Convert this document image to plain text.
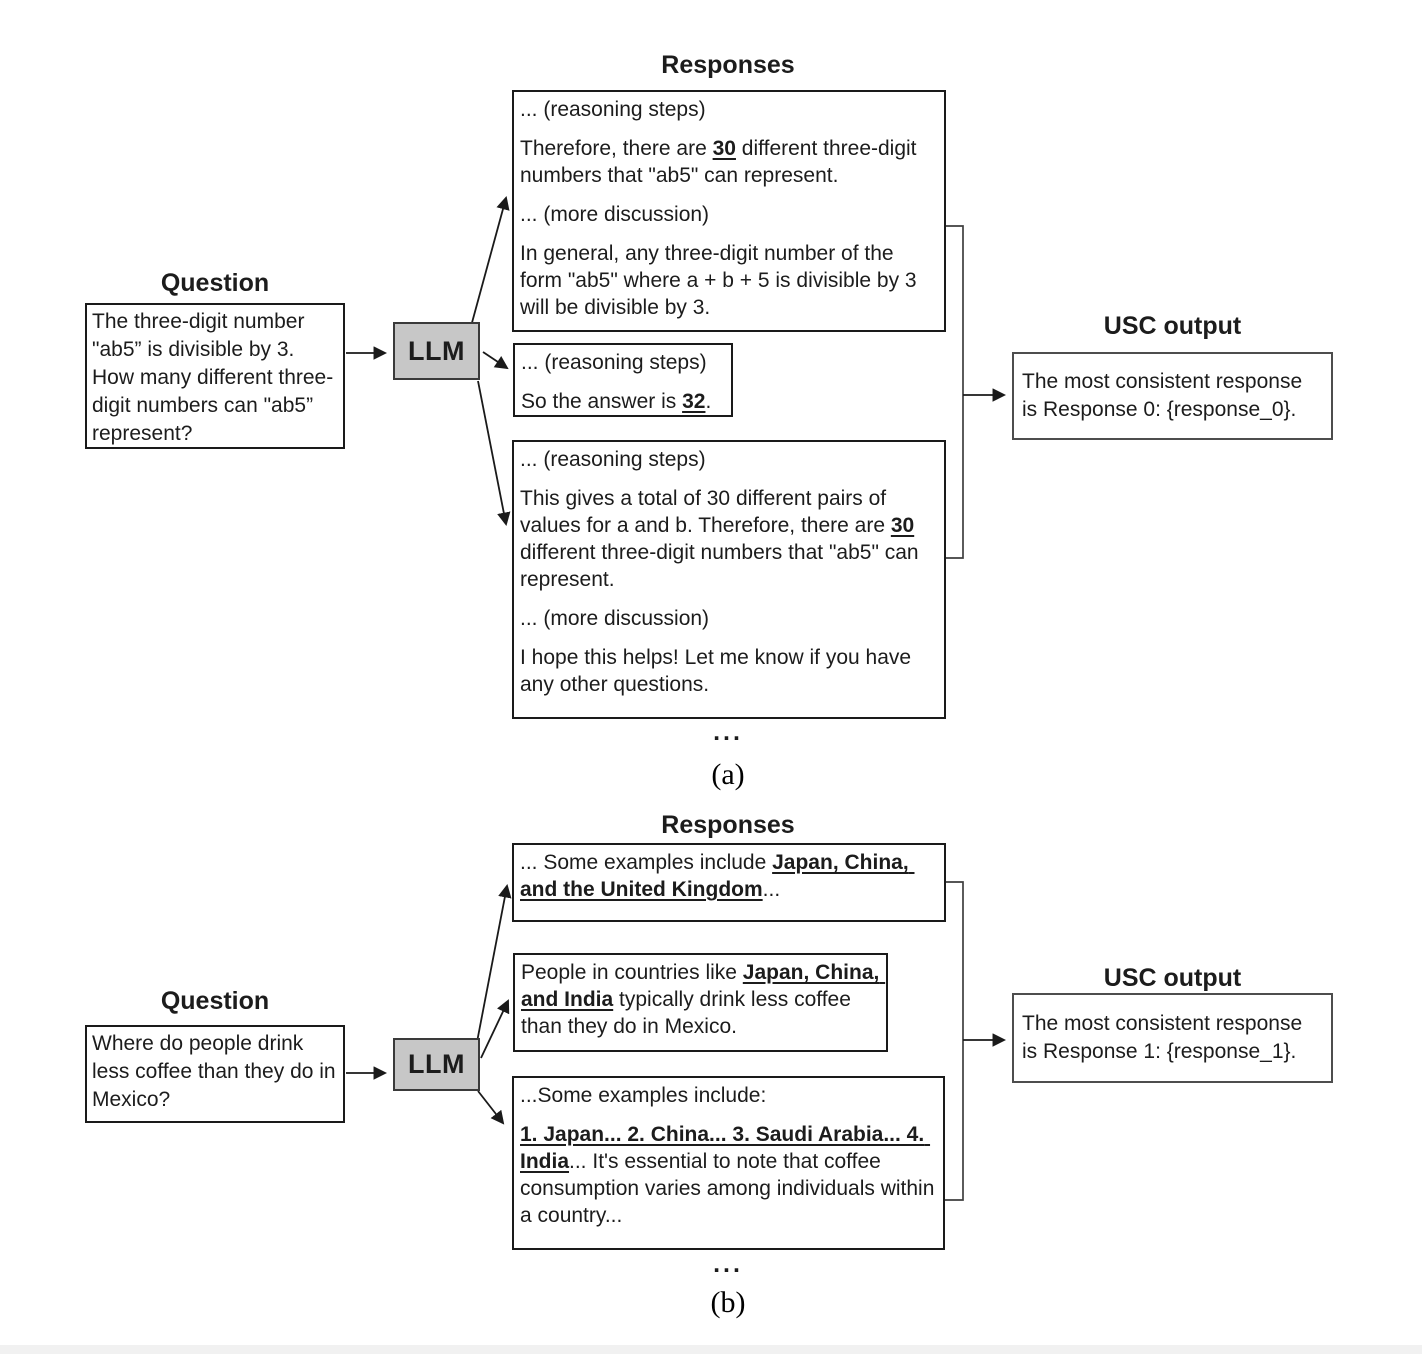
Responses

... (reasoning steps)

Therefore, there are 30 different three-digit numbers that "ab5" can represent.

... (more discussion)

In general, any three-digit number of the form "ab5" where a + b + 5 is divisible by 3 will be divisible by 3.

... (reasoning steps)

So the answer is 32.

... (reasoning steps)

This gives a total of 30 different pairs of values for a and b. Therefore, there are 30 different three-digit numbers that "ab5" can represent.

... (more discussion)

I hope this helps! Let me know if you have any other questions.

...
Question
The three-digit number "ab5” is divisible by 3. How many different three-digit numbers can "ab5” represent?
LLM
USC output
The most consistent response is Response 0: {response_0}.
(a)
Responses

... Some examples include Japan, China, and the United Kingdom...

People in countries like Japan, China, and India typically drink less coffee than they do in Mexico.

...Some examples include:

1. Japan... 2. China... 3. Saudi Arabia... 4. India... It's essential to note that coffee consumption varies among individuals within a country...

...
Question
Where do people drink less coffee than they do in Mexico?
LLM
USC output
The most consistent response is Response 1: {response_1}.
(b)
